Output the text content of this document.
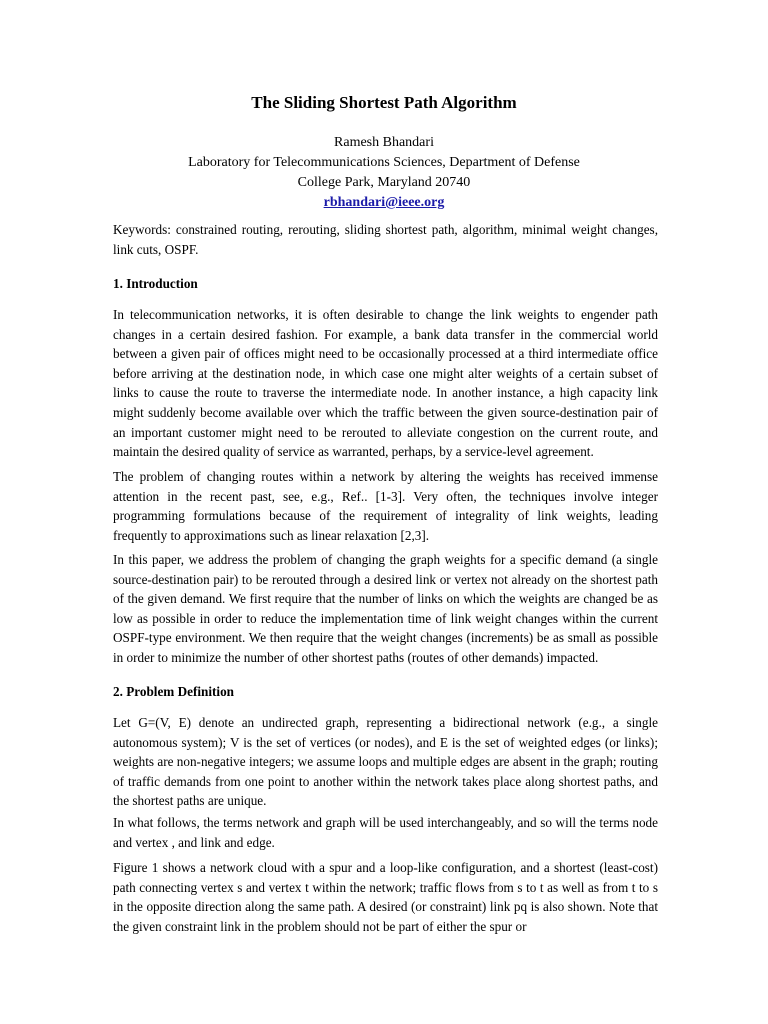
The Sliding Shortest Path Algorithm
Ramesh Bhandari
Laboratory for Telecommunications Sciences, Department of Defense
College Park, Maryland 20740
rbhandari@ieee.org

Keywords: constrained routing, rerouting, sliding shortest path, algorithm, minimal weight changes, link cuts, OSPF.

1. Introduction

In telecommunication networks, it is often desirable to change the link weights to engender path changes in a certain desired fashion. For example, a bank data transfer in the commercial world between a given pair of offices might need to be occasionally processed at a third intermediate office before arriving at the destination node, in which case one might alter weights of a certain subset of links to cause the route to traverse the intermediate node. In another instance, a high capacity link might suddenly become available over which the traffic between the given source-destination pair of an important customer might need to be rerouted to alleviate congestion on the current route, and maintain the desired quality of service as warranted, perhaps, by a service-level agreement.

The problem of changing routes within a network by altering the weights has received immense attention in the recent past, see, e.g., Ref.. [1-3]. Very often, the techniques involve integer programming formulations because of the requirement of integrality of link weights, leading frequently to approximations such as linear relaxation [2,3].

In this paper, we address the problem of changing the graph weights for a specific demand (a single source-destination pair) to be rerouted through a desired link or vertex not already on the shortest path of the given demand. We first require that the number of links on which the weights are changed be as low as possible in order to reduce the implementation time of link weight changes within the current OSPF-type environment. We then require that the weight changes (increments) be as small as possible in order to minimize the number of other shortest paths (routes of other demands) impacted.

2. Problem Definition

Let G=(V, E) denote an undirected graph, representing a bidirectional network (e.g., a single autonomous system); V is the set of vertices (or nodes), and E is the set of weighted edges (or links); weights are non-negative integers; we assume loops and multiple edges are absent in the graph; routing of traffic demands from one point to another within the network takes place along shortest paths, and the shortest paths are unique.

In what follows, the terms network and graph will be used interchangeably, and so will the terms node and vertex , and link and edge.

Figure 1 shows a network cloud with a spur and a loop-like configuration, and a shortest (least-cost) path connecting vertex s and vertex t within the network; traffic flows from s to t as well as from t to s in the opposite direction along the same path. A desired (or constraint) link pq is also shown. Note that the given constraint link in the problem should not be part of either the spur or
